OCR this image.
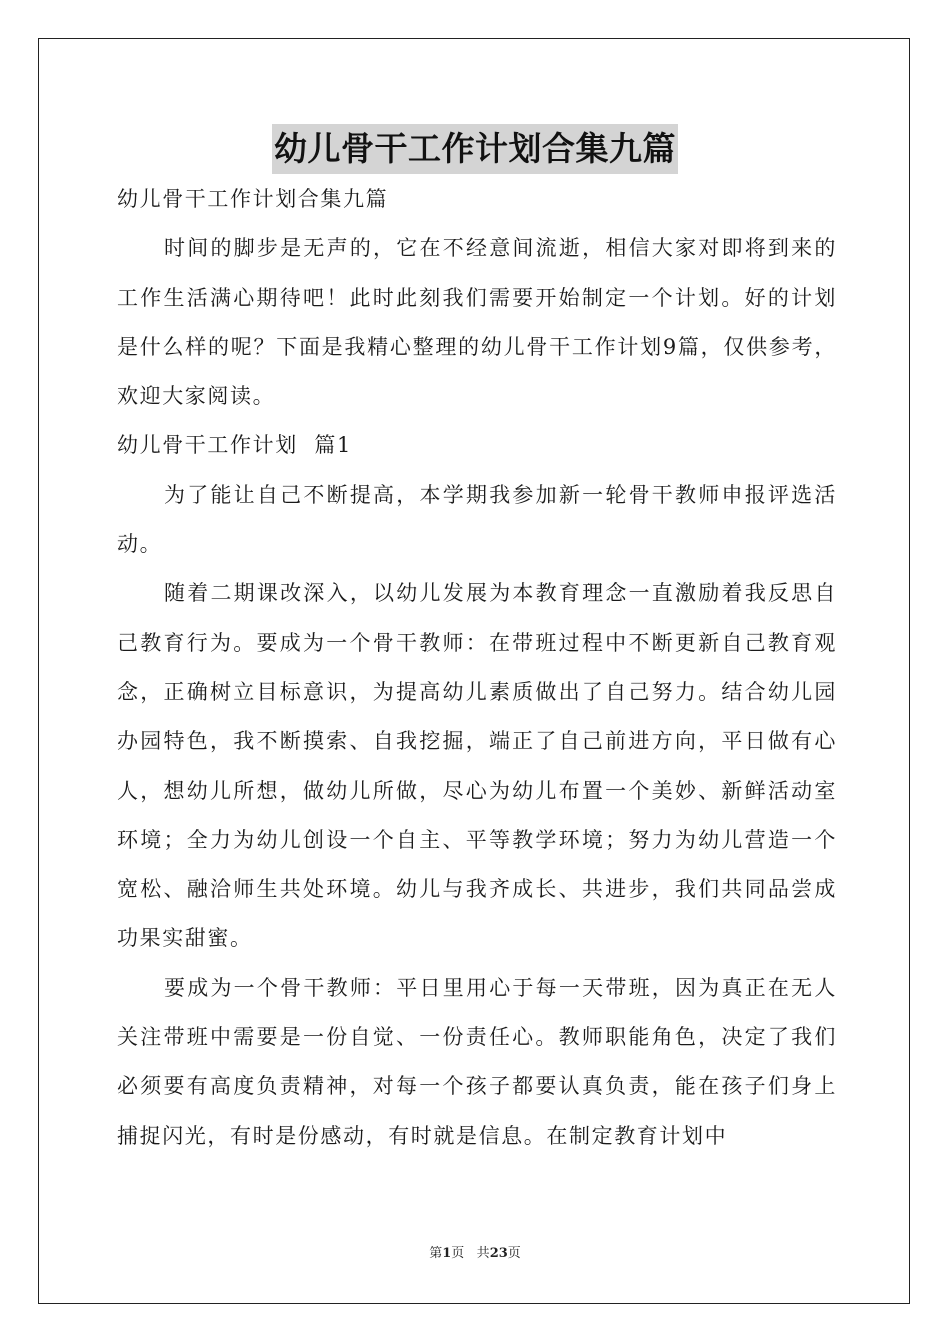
幼儿骨干工作计划合集九篇

幼儿骨干工作计划合集九篇

时间的脚步是无声的，它在不经意间流逝，相信大家对即将到来的工作生活满心期待吧！此时此刻我们需要开始制定一个计划。好的计划是什么样的呢？下面是我精心整理的幼儿骨干工作计划9篇，仅供参考，欢迎大家阅读。

幼儿骨干工作计划  篇1

为了能让自己不断提高，本学期我参加新一轮骨干教师申报评选活动。

随着二期课改深入，以幼儿发展为本教育理念一直激励着我反思自己教育行为。要成为一个骨干教师：在带班过程中不断更新自己教育观念，正确树立目标意识，为提高幼儿素质做出了自己努力。结合幼儿园办园特色，我不断摸索、自我挖掘，端正了自己前进方向，平日做有心人，想幼儿所想，做幼儿所做，尽心为幼儿布置一个美妙、新鲜活动室环境；全力为幼儿创设一个自主、平等教学环境；努力为幼儿营造一个宽松、融洽师生共处环境。幼儿与我齐成长、共进步，我们共同品尝成功果实甜蜜。

要成为一个骨干教师：平日里用心于每一天带班，因为真正在无人关注带班中需要是一份自觉、一份责任心。教师职能角色，决定了我们必须要有高度负责精神，对每一个孩子都要认真负责，能在孩子们身上捕捉闪光，有时是份感动，有时就是信息。在制定教育计划中

第1页 共23页
